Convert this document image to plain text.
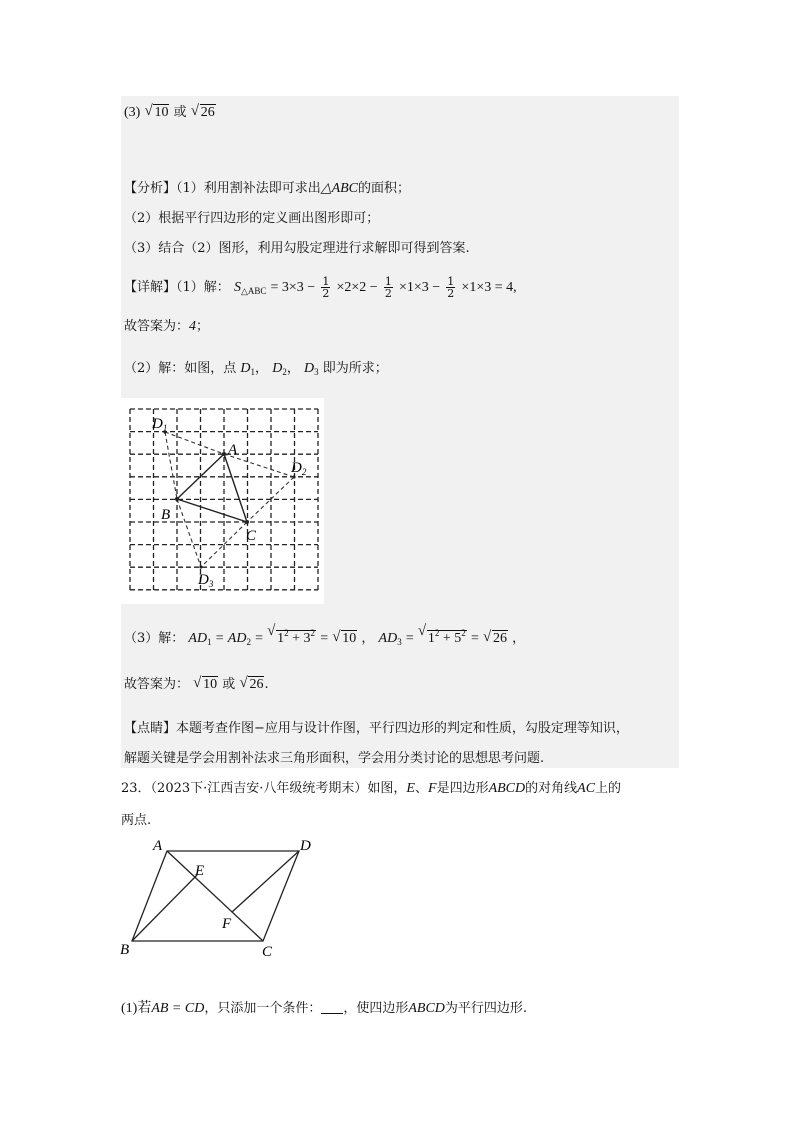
(3) √ 10 或 √ 26
【分析】（1）利用割补法即可求出△ABC的面积；
（2）根据平行四边形的定义画出图形即可；
（3）结合（2）图形，利用勾股定理进行求解即可得到答案.
【详解】（1）解： $S_{\triangle ABC} = 3\times 3 - \frac{1}{2} \times 2\times 2 - \frac{1}{2} \times 1\times 3 - \frac{1}{2} \times 1\times 3 = 4$,
故答案为：4；
（2）解：如图，点 $D_1$， $D_2$， $D_3$ 即为所求；
A
B
C
$D_1$
$D_2$
$D_3$
（3）解： $AD_1 = AD_2$ = √ $1^2 + 3^2$ = √ 10 ， $AD_3$ = √ $1^2 + 5^2$ = √ 26 ，
故答案为： √ 10 或 √ 26.
【点睛】本题考查作图−应用与设计作图，平行四边形的判定和性质，勾股定理等知识，
解题关键是学会用割补法求三角形面积，学会用分类讨论的思想思考问题.
23．（2023下·江西吉安·八年级统考期末）如图，E、F是四边形ABCD的对角线AC上的
两点.
A	D
B	C
E
F
(1)若AB = CD，只添加一个条件： ，使四边形ABCD为平行四边形.
